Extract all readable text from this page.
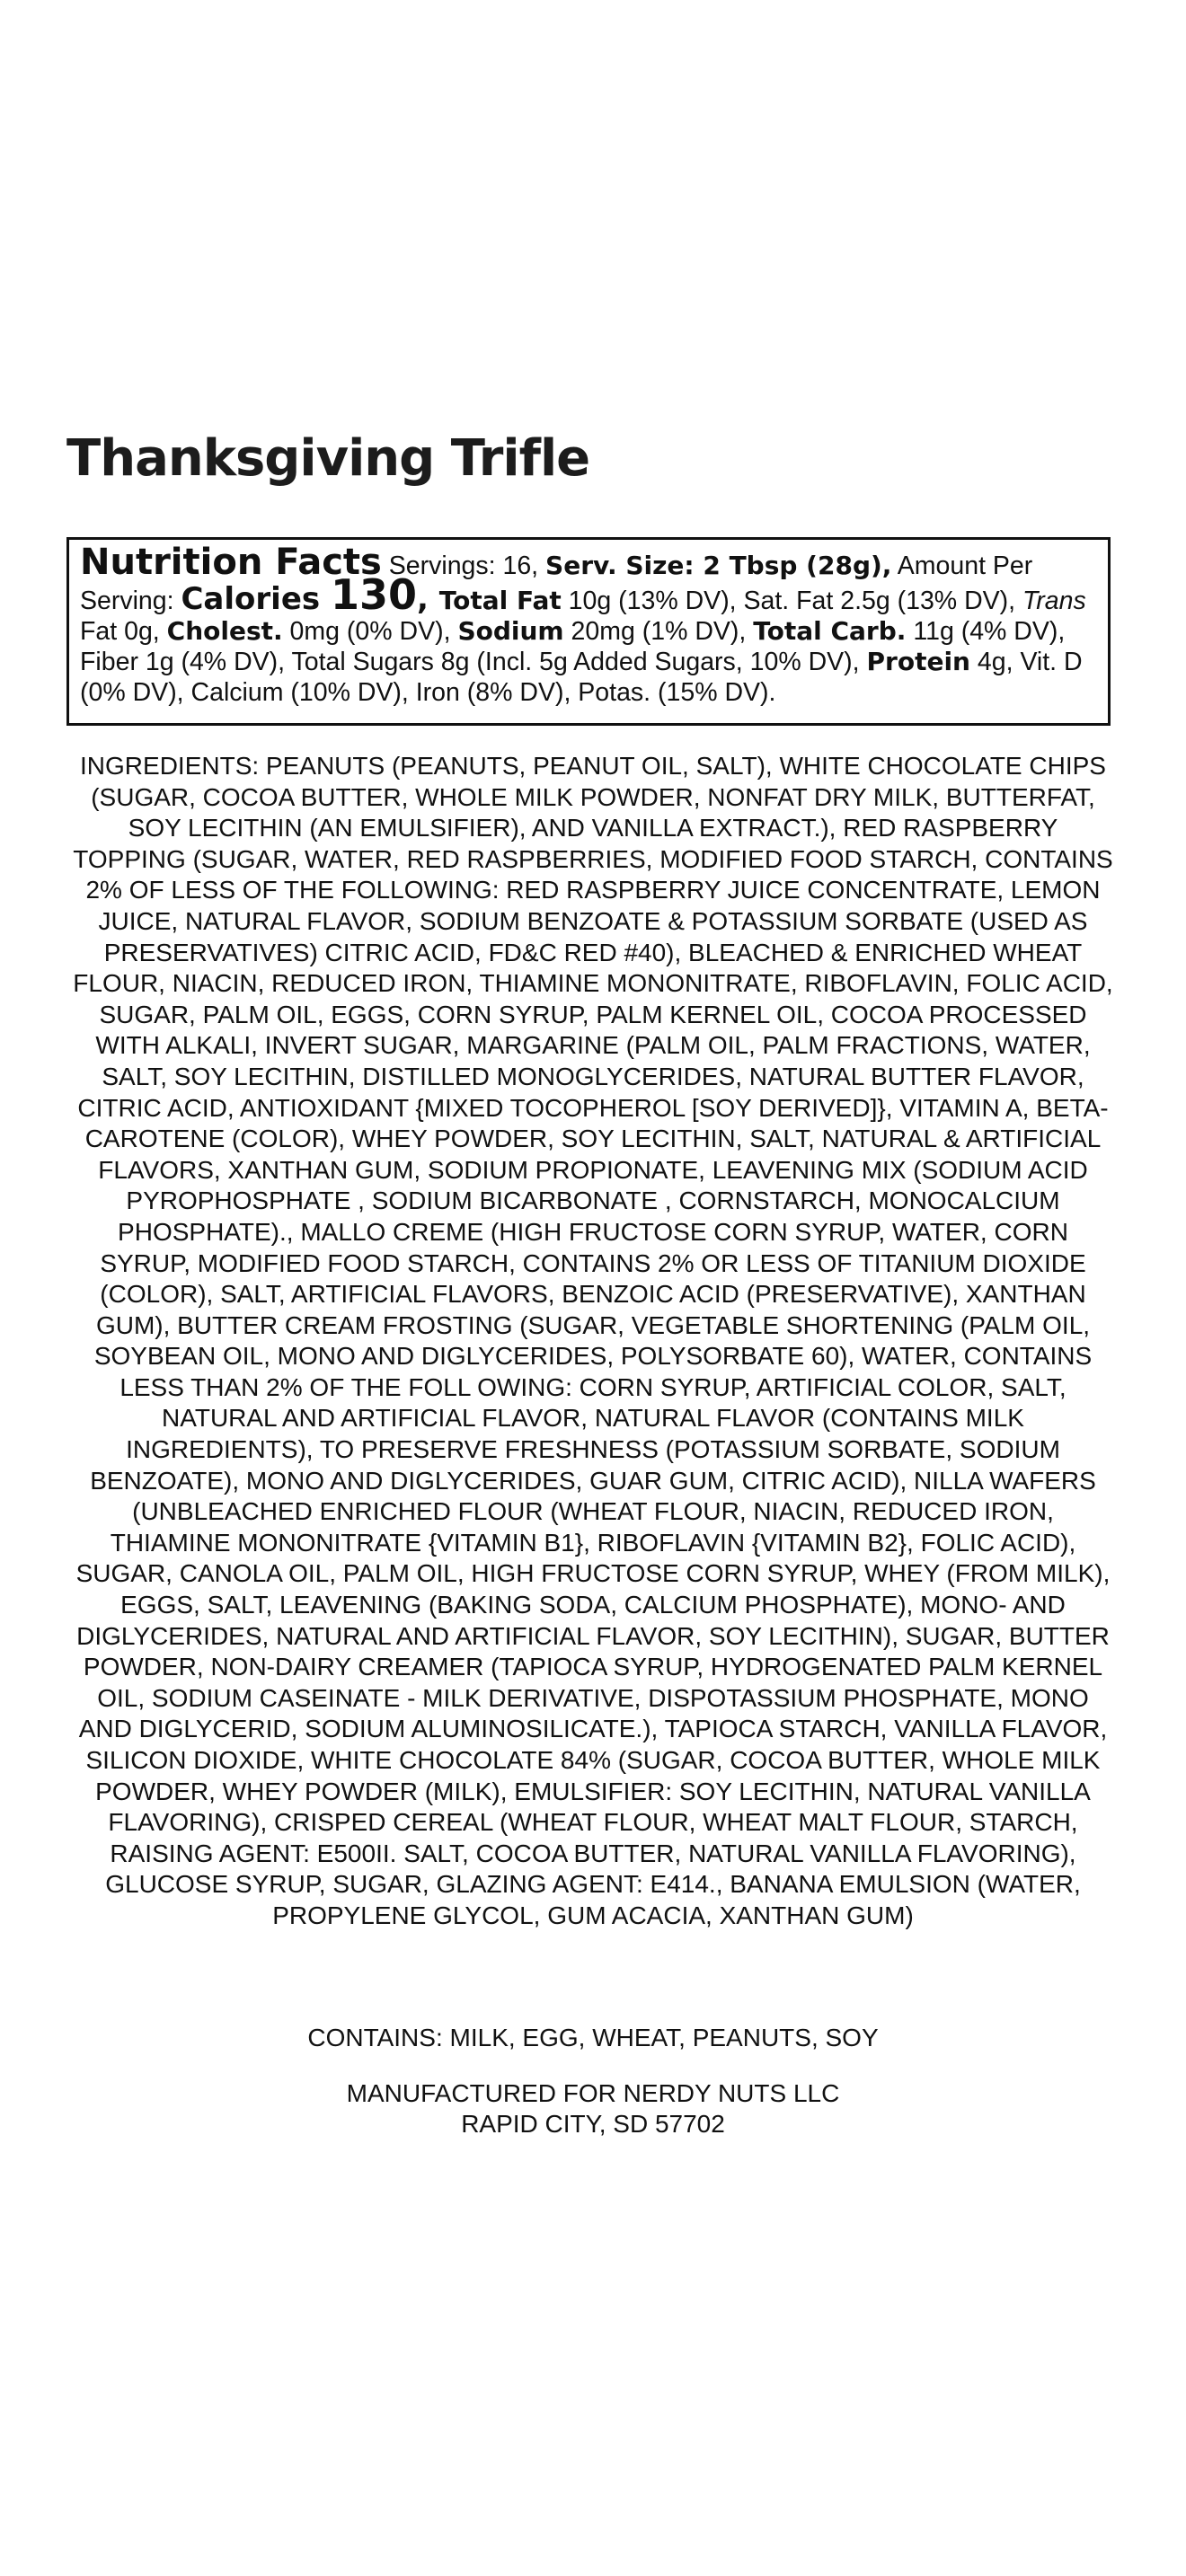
Thanksgiving Trifle
Nutrition Facts Servings: 16, Serv. Size: 2 Tbsp (28g), Amount Per Serving: Calories 130, Total Fat 10g (13% DV), Sat. Fat 2.5g (13% DV), Trans Fat 0g, Cholest. 0mg (0% DV), Sodium 20mg (1% DV), Total Carb. 11g (4% DV), Fiber 1g (4% DV), Total Sugars 8g (Incl. 5g Added Sugars, 10% DV), Protein 4g, Vit. D (0% DV), Calcium (10% DV), Iron (8% DV), Potas. (15% DV).

INGREDIENTS: PEANUTS (PEANUTS, PEANUT OIL, SALT), WHITE CHOCOLATE CHIPS (SUGAR, COCOA BUTTER, WHOLE MILK POWDER, NONFAT DRY MILK, BUTTERFAT, SOY LECITHIN (AN EMULSIFIER), AND VANILLA EXTRACT.), RED RASPBERRY TOPPING (SUGAR, WATER, RED RASPBERRIES, MODIFIED FOOD STARCH, CONTAINS 2% OF LESS OF THE FOLLOWING: RED RASPBERRY JUICE CONCENTRATE, LEMON JUICE, NATURAL FLAVOR, SODIUM BENZOATE & POTASSIUM SORBATE (USED AS PRESERVATIVES) CITRIC ACID, FD&C RED #40), BLEACHED & ENRICHED WHEAT FLOUR, NIACIN, REDUCED IRON, THIAMINE MONONITRATE, RIBOFLAVIN, FOLIC ACID, SUGAR, PALM OIL, EGGS, CORN SYRUP, PALM KERNEL OIL, COCOA PROCESSED WITH ALKALI, INVERT SUGAR, MARGARINE (PALM OIL, PALM FRACTIONS, WATER, SALT, SOY LECITHIN, DISTILLED MONOGLYCERIDES, NATURAL BUTTER FLAVOR, CITRIC ACID, ANTIOXIDANT {MIXED TOCOPHEROL [SOY DERIVED]}, VITAMIN A, BETA-CAROTENE (COLOR), WHEY POWDER, SOY LECITHIN, SALT, NATURAL & ARTIFICIAL FLAVORS, XANTHAN GUM, SODIUM PROPIONATE, LEAVENING MIX (SODIUM ACID PYROPHOSPHATE , SODIUM BICARBONATE , CORNSTARCH, MONOCALCIUM PHOSPHATE)., MALLO CREME (HIGH FRUCTOSE CORN SYRUP, WATER, CORN SYRUP, MODIFIED FOOD STARCH, CONTAINS 2% OR LESS OF TITANIUM DIOXIDE (COLOR), SALT, ARTIFICIAL FLAVORS, BENZOIC ACID (PRESERVATIVE), XANTHAN GUM), BUTTER CREAM FROSTING (SUGAR, VEGETABLE SHORTENING (PALM OIL, SOYBEAN OIL, MONO AND DIGLYCERIDES, POLYSORBATE 60), WATER, CONTAINS LESS THAN 2% OF THE FOLL OWING: CORN SYRUP, ARTIFICIAL COLOR, SALT, NATURAL AND ARTIFICIAL FLAVOR, NATURAL FLAVOR (CONTAINS MILK INGREDIENTS), TO PRESERVE FRESHNESS (POTASSIUM SORBATE, SODIUM BENZOATE), MONO AND DIGLYCERIDES, GUAR GUM, CITRIC ACID), NILLA WAFERS (UNBLEACHED ENRICHED FLOUR (WHEAT FLOUR, NIACIN, REDUCED IRON, THIAMINE MONONITRATE {VITAMIN B1}, RIBOFLAVIN {VITAMIN B2}, FOLIC ACID), SUGAR, CANOLA OIL, PALM OIL, HIGH FRUCTOSE CORN SYRUP, WHEY (FROM MILK), EGGS, SALT, LEAVENING (BAKING SODA, CALCIUM PHOSPHATE), MONO- AND DIGLYCERIDES, NATURAL AND ARTIFICIAL FLAVOR, SOY LECITHIN), SUGAR, BUTTER POWDER, NON-DAIRY CREAMER (TAPIOCA SYRUP, HYDROGENATED PALM KERNEL OIL, SODIUM CASEINATE - MILK DERIVATIVE, DISPOTASSIUM PHOSPHATE, MONO AND DIGLYCERID, SODIUM ALUMINOSILICATE.), TAPIOCA STARCH, VANILLA FLAVOR, SILICON DIOXIDE, WHITE CHOCOLATE 84% (SUGAR, COCOA BUTTER, WHOLE MILK POWDER, WHEY POWDER (MILK), EMULSIFIER: SOY LECITHIN, NATURAL VANILLA FLAVORING), CRISPED CEREAL (WHEAT FLOUR, WHEAT MALT FLOUR, STARCH, RAISING AGENT: E500II. SALT, COCOA BUTTER, NATURAL VANILLA FLAVORING), GLUCOSE SYRUP, SUGAR, GLAZING AGENT: E414., BANANA EMULSION (WATER, PROPYLENE GLYCOL, GUM ACACIA, XANTHAN GUM)

CONTAINS: MILK, EGG, WHEAT, PEANUTS, SOY

MANUFACTURED FOR NERDY NUTS LLC
RAPID CITY, SD 57702
